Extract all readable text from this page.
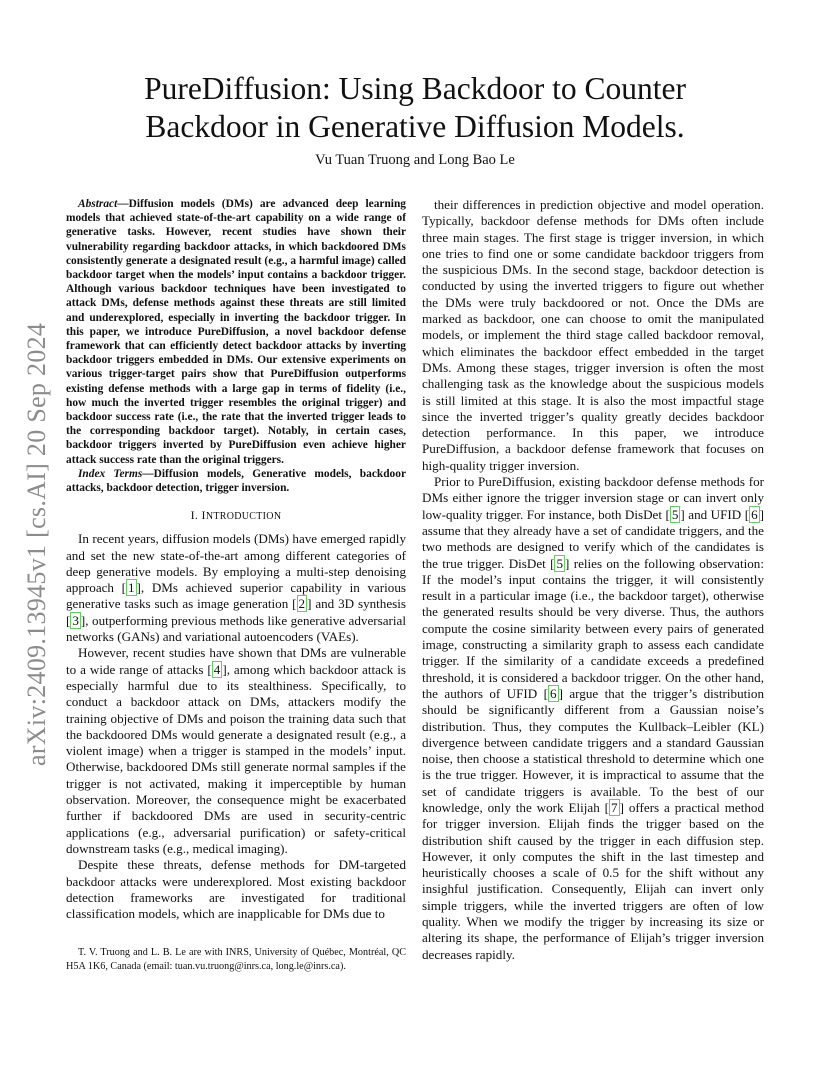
arXiv:2409.13945v1 [cs.AI] 20 Sep 2024
PureDiffusion: Using Backdoor to Counter Backdoor in Generative Diffusion Models.
Vu Tuan Truong and Long Bao Le

Abstract—Diffusion models (DMs) are advanced deep learning models that achieved state-of-the-art capability on a wide range of generative tasks. However, recent studies have shown their vulnerability regarding backdoor attacks, in which backdoored DMs consistently generate a designated result (e.g., a harmful image) called backdoor target when the models’ input contains a backdoor trigger. Although various backdoor techniques have been investigated to attack DMs, defense methods against these threats are still limited and underexplored, especially in inverting the backdoor trigger. In this paper, we introduce PureDiffusion, a novel backdoor defense framework that can efficiently detect backdoor attacks by inverting backdoor triggers embedded in DMs. Our extensive experiments on various trigger-target pairs show that PureDiffusion outperforms existing defense methods with a large gap in terms of fidelity (i.e., how much the inverted trigger resembles the original trigger) and backdoor success rate (i.e., the rate that the inverted trigger leads to the corresponding backdoor target). Notably, in certain cases, backdoor triggers inverted by PureDiffusion even achieve higher attack success rate than the original triggers.

Index Terms—Diffusion models, Generative models, backdoor attacks, backdoor detection, trigger inversion.

I. INTRODUCTION

In recent years, diffusion models (DMs) have emerged rapidly and set the new state-of-the-art among different categories of deep generative models. By employing a multi-step denoising approach [ 1 ], DMs achieved superior capability in various generative tasks such as image generation [ 2 ] and 3D synthesis [ 3 ], outperforming previous methods like generative adversarial networks (GANs) and variational autoencoders (VAEs).

However, recent studies have shown that DMs are vulnerable to a wide range of attacks [ 4 ], among which backdoor attack is especially harmful due to its stealthiness. Specifically, to conduct a backdoor attack on DMs, attackers modify the training objective of DMs and poison the training data such that the backdoored DMs would generate a designated result (e.g., a violent image) when a trigger is stamped in the models’ input. Otherwise, backdoored DMs still generate normal samples if the trigger is not activated, making it imperceptible by human observation. Moreover, the consequence might be exacerbated further if backdoored DMs are used in security-centric applications (e.g., adversarial purification) or safety-critical downstream tasks (e.g., medical imaging).

Despite these threats, defense methods for DM-targeted backdoor attacks were underexplored. Most existing backdoor detection frameworks are investigated for traditional classification models, which are inapplicable for DMs due to

T. V. Truong and L. B. Le are with INRS, University of Québec, Montréal, QC H5A 1K6, Canada (email: tuan.vu.truong@inrs.ca, long.le@inrs.ca).

their differences in prediction objective and model operation. Typically, backdoor defense methods for DMs often include three main stages. The first stage is trigger inversion, in which one tries to find one or some candidate backdoor triggers from the suspicious DMs. In the second stage, backdoor detection is conducted by using the inverted triggers to figure out whether the DMs were truly backdoored or not. Once the DMs are marked as backdoor, one can choose to omit the manipulated models, or implement the third stage called backdoor removal, which eliminates the backdoor effect embedded in the target DMs. Among these stages, trigger inversion is often the most challenging task as the knowledge about the suspicious models is still limited at this stage. It is also the most impactful stage since the inverted trigger’s quality greatly decides backdoor detection performance. In this paper, we introduce PureDiffusion, a backdoor defense framework that focuses on high-quality trigger inversion.

Prior to PureDiffusion, existing backdoor defense methods for DMs either ignore the trigger inversion stage or can invert only low-quality trigger. For instance, both DisDet [ 5 ] and UFID [ 6 ] assume that they already have a set of candidate triggers, and the two methods are designed to verify which of the candidates is the true trigger. DisDet [ 5 ] relies on the following observation: If the model’s input contains the trigger, it will consistently result in a particular image (i.e., the backdoor target), otherwise the generated results should be very diverse. Thus, the authors compute the cosine similarity between every pairs of generated image, constructing a similarity graph to assess each candidate trigger. If the similarity of a candidate exceeds a predefined threshold, it is considered a backdoor trigger. On the other hand, the authors of UFID [ 6 ] argue that the trigger’s distribution should be significantly different from a Gaussian noise’s distribution. Thus, they computes the Kullback–Leibler (KL) divergence between candidate triggers and a standard Gaussian noise, then choose a statistical threshold to determine which one is the true trigger. However, it is impractical to assume that the set of candidate triggers is available. To the best of our knowledge, only the work Elijah [ 7 ] offers a practical method for trigger inversion. Elijah finds the trigger based on the distribution shift caused by the trigger in each diffusion step. However, it only computes the shift in the last timestep and heuristically chooses a scale of 0.5 for the shift without any insighful justification. Consequently, Elijah can invert only simple triggers, while the inverted triggers are often of low quality. When we modify the trigger by increasing its size or altering its shape, the performance of Elijah’s trigger inversion decreases rapidly.
